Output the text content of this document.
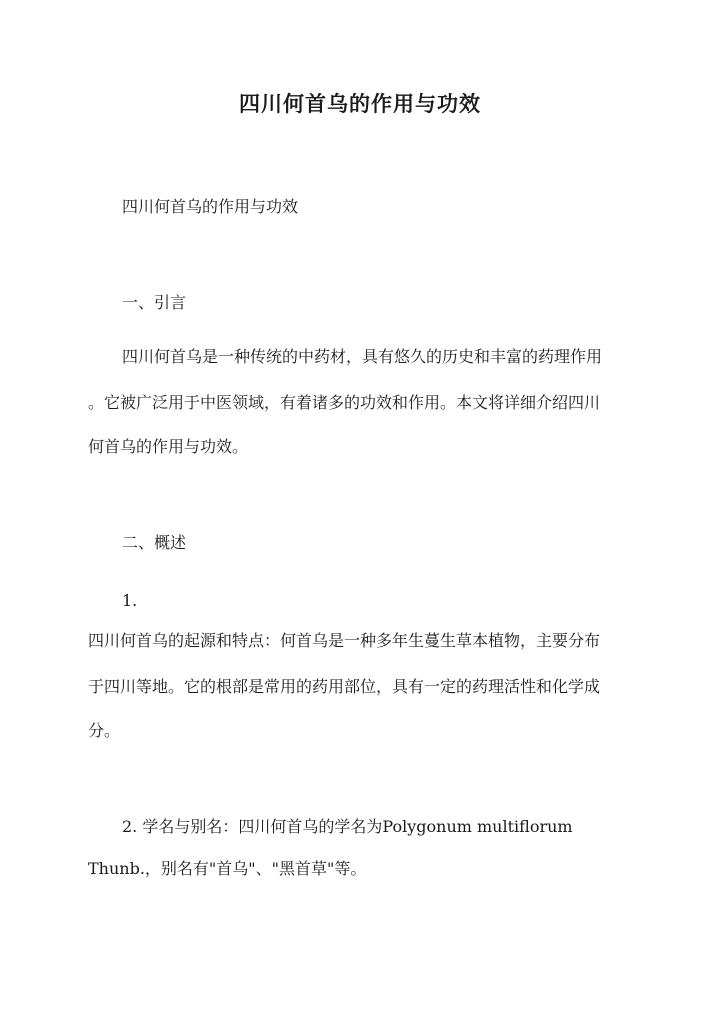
四川何首乌的作用与功效
四川何首乌的作用与功效
一、引言
四川何首乌是一种传统的中药材，具有悠久的历史和丰富的药理作用
。它被广泛用于中医领域，有着诸多的功效和作用。本文将详细介绍四川
何首乌的作用与功效。
二、概述
1.
四川何首乌的起源和特点：何首乌是一种多年生蔓生草本植物，主要分布
于四川等地。它的根部是常用的药用部位，具有一定的药理活性和化学成
分。
2. 学名与别名：四川何首乌的学名为Polygonum multiflorum
Thunb.，别名有"首乌"、"黑首草"等。
